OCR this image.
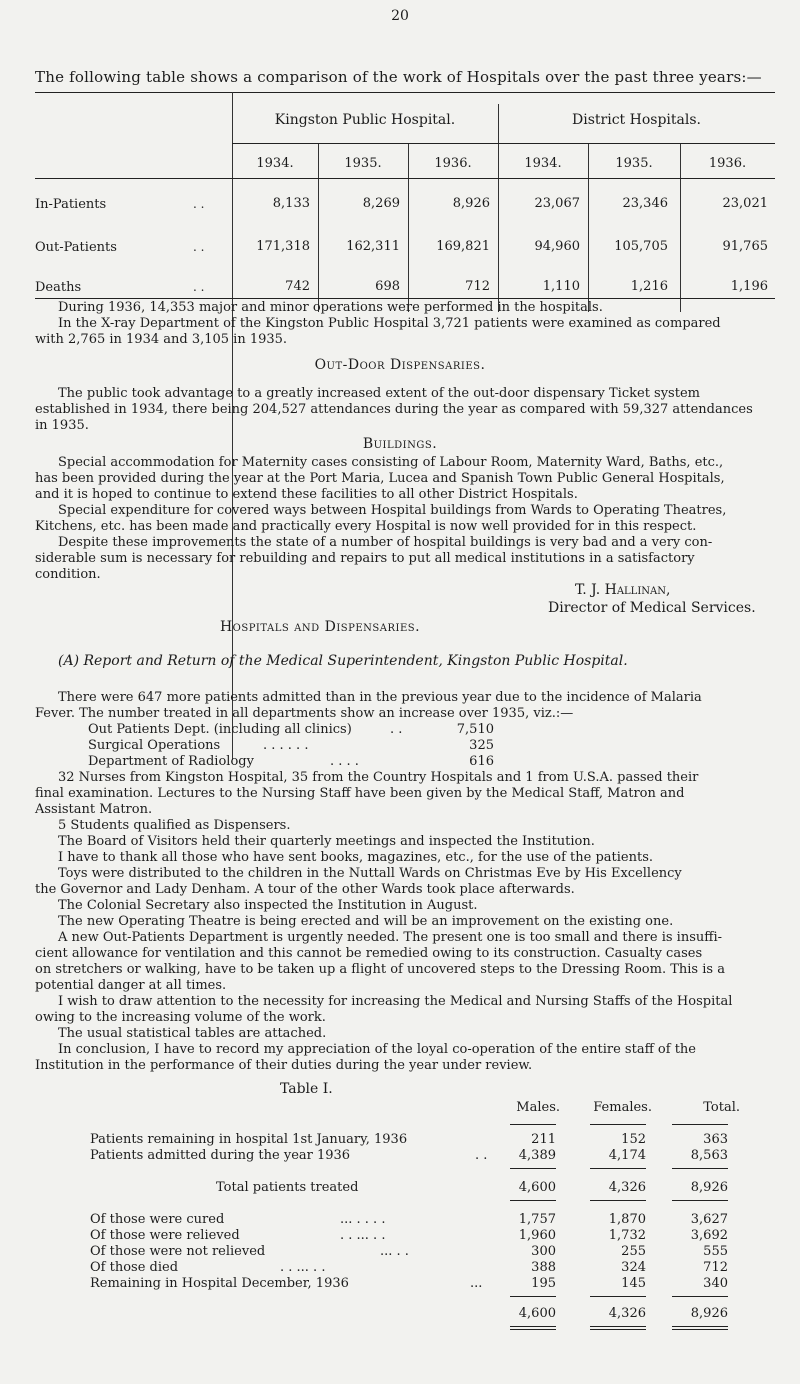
20
The following table shows a comparison of the work of Hospitals over the past three years:—
Kingston Public Hospital.	District Hospitals.
1934.	1935.	1936.	1934.	1935.	1936.
In-Patients	. .	8,133	8,269	8,926	23,067	23,346	23,021
Out-Patients	. .	171,318	162,311	169,821	94,960	105,705	91,765
Deaths	. .	742	698	712	1,110	1,216	1,196
During 1936, 14,353 major and minor operations were performed in the hospitals.
In the X-ray Department of the Kingston Public Hospital 3,721 patients were examined as compared
with 2,765 in 1934 and 3,105 in 1935.
Out-Door Dispensaries.
The public took advantage to a greatly increased extent of the out-door dispensary Ticket system
established in 1934, there being 204,527 attendances during the year as compared with 59,327 attendances
in 1935.
Buildings.
Special accommodation for Maternity cases consisting of Labour Room, Maternity Ward, Baths, etc.,
has been provided during the year at the Port Maria, Lucea and Spanish Town Public General Hospitals,
and it is hoped to continue to extend these facilities to all other District Hospitals.
Special expenditure for covered ways between Hospital buildings from Wards to Operating Theatres,
Kitchens, etc. has been made and practically every Hospital is now well provided for in this respect.
Despite these improvements the state of a number of hospital buildings is very bad and a very con-
siderable sum is necessary for rebuilding and repairs to put all medical institutions in a satisfactory
condition.
T. J. Hallinan,
Director of Medical Services.
Hospitals and Dispensaries.
(A) Report and Return of the Medical Superintendent, Kingston Public Hospital.
There were 647 more patients admitted than in the previous year due to the incidence of Malaria
Fever. The number treated in all departments show an increase over 1935, viz.:—
Out Patients Dept. (including all clinics)	. .	7,510
Surgical Operations	. . . . . .	325
Department of Radiology	. . . .	616
32 Nurses from Kingston Hospital, 35 from the Country Hospitals and 1 from U.S.A. passed their
final examination. Lectures to the Nursing Staff have been given by the Medical Staff, Matron and
Assistant Matron.
5 Students qualified as Dispensers.
The Board of Visitors held their quarterly meetings and inspected the Institution.
I have to thank all those who have sent books, magazines, etc., for the use of the patients.
Toys were distributed to the children in the Nuttall Wards on Christmas Eve by His Excellency
the Governor and Lady Denham. A tour of the other Wards took place afterwards.
The Colonial Secretary also inspected the Institution in August.
The new Operating Theatre is being erected and will be an improvement on the existing one.
A new Out-Patients Department is urgently needed. The present one is too small and there is insuffi-
cient allowance for ventilation and this cannot be remedied owing to its construction. Casualty cases
on stretchers or walking, have to be taken up a flight of uncovered steps to the Dressing Room. This is a
potential danger at all times.
I wish to draw attention to the necessity for increasing the Medical and Nursing Staffs of the Hospital
owing to the increasing volume of the work.
The usual statistical tables are attached.
In conclusion, I have to record my appreciation of the loyal co-operation of the entire staff of the
Institution in the performance of their duties during the year under review.
Table I.
Males.	Females.	Total.
Patients remaining in hospital 1st January, 1936	211	152	363
Patients admitted during the year 1936	. .	4,389	4,174	8,563
Total patients treated	4,600	4,326	8,926
Of those were cured	... . . . .	1,757	1,870	3,627
Of those were relieved	. . ... . .	1,960	1,732	3,692
Of those were not relieved	... . .	300	255	555
Of those died	. . ... . .	388	324	712
Remaining in Hospital December, 1936	...	195	145	340
4,600	4,326	8,926
